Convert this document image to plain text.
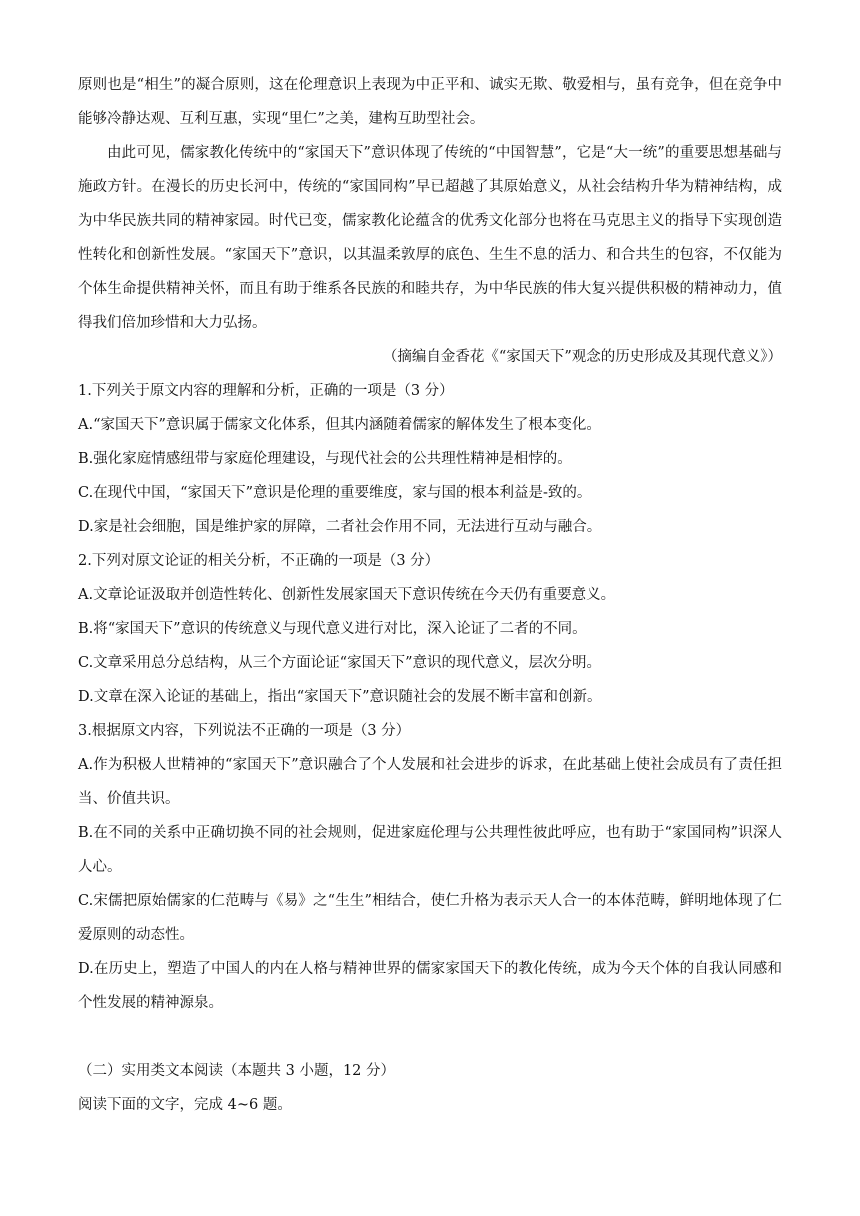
原则也是“相生”的凝合原则，这在伦理意识上表现为中正平和、诚实无欺、敬爱相与，虽有竞争，但在竞争中能够冷静达观、互利互惠，实现“里仁”之美，建构互助型社会。

由此可见，儒家教化传统中的“家国天下”意识体现了传统的“中国智慧”，它是“大一统”的重要思想基础与施政方针。在漫长的历史长河中，传统的“家国同构”早已超越了其原始意义，从社会结构升华为精神结构，成为中华民族共同的精神家园。时代已变，儒家教化论蕴含的优秀文化部分也将在马克思主义的指导下实现创造性转化和创新性发展。“家国天下”意识，以其温柔敦厚的底色、生生不息的活力、和合共生的包容，不仅能为个体生命提供精神关怀，而且有助于维系各民族的和睦共存，为中华民族的伟大复兴提供积极的精神动力，值得我们倍加珍惜和大力弘扬。

（摘编自金香花《“家国天下”观念的历史形成及其现代意义》）

1.下列关于原文内容的理解和分析，正确的一项是（3 分）

A.“家国天下”意识属于儒家文化体系，但其内涵随着儒家的解体发生了根本变化。

B.强化家庭情感纽带与家庭伦理建设，与现代社会的公共理性精神是相悖的。

C.在现代中国，“家国天下”意识是伦理的重要维度，家与国的根本利益是-致的。

D.家是社会细胞，国是维护家的屏障，二者社会作用不同，无法进行互动与融合。

2.下列对原文论证的相关分析，不正确的一项是（3 分）

A.文章论证汲取并创造性转化、创新性发展家国天下意识传统在今天仍有重要意义。

B.将“家国天下”意识的传统意义与现代意义进行对比，深入论证了二者的不同。

C.文章采用总分总结构，从三个方面论证“家国天下”意识的现代意义，层次分明。

D.文章在深入论证的基础上，指出“家国天下”意识随社会的发展不断丰富和创新。

3.根据原文内容，下列说法不正确的一项是（3 分）

A.作为积极人世精神的“家国天下”意识融合了个人发展和社会进步的诉求，在此基础上使社会成员有了责任担当、价值共识。

B.在不同的关系中正确切换不同的社会规则，促进家庭伦理与公共理性彼此呼应，也有助于“家国同构”识深人人心。

C.宋儒把原始儒家的仁范畴与《易》之“生生”相结合，使仁升格为表示天人合一的本体范畴，鲜明地体现了仁爱原则的动态性。

D.在历史上，塑造了中国人的内在人格与精神世界的儒家家国天下的教化传统，成为今天个体的自我认同感和个性发展的精神源泉。

（二）实用类文本阅读（本题共 3 小题，12 分）

阅读下面的文字，完成 4~6 题。
